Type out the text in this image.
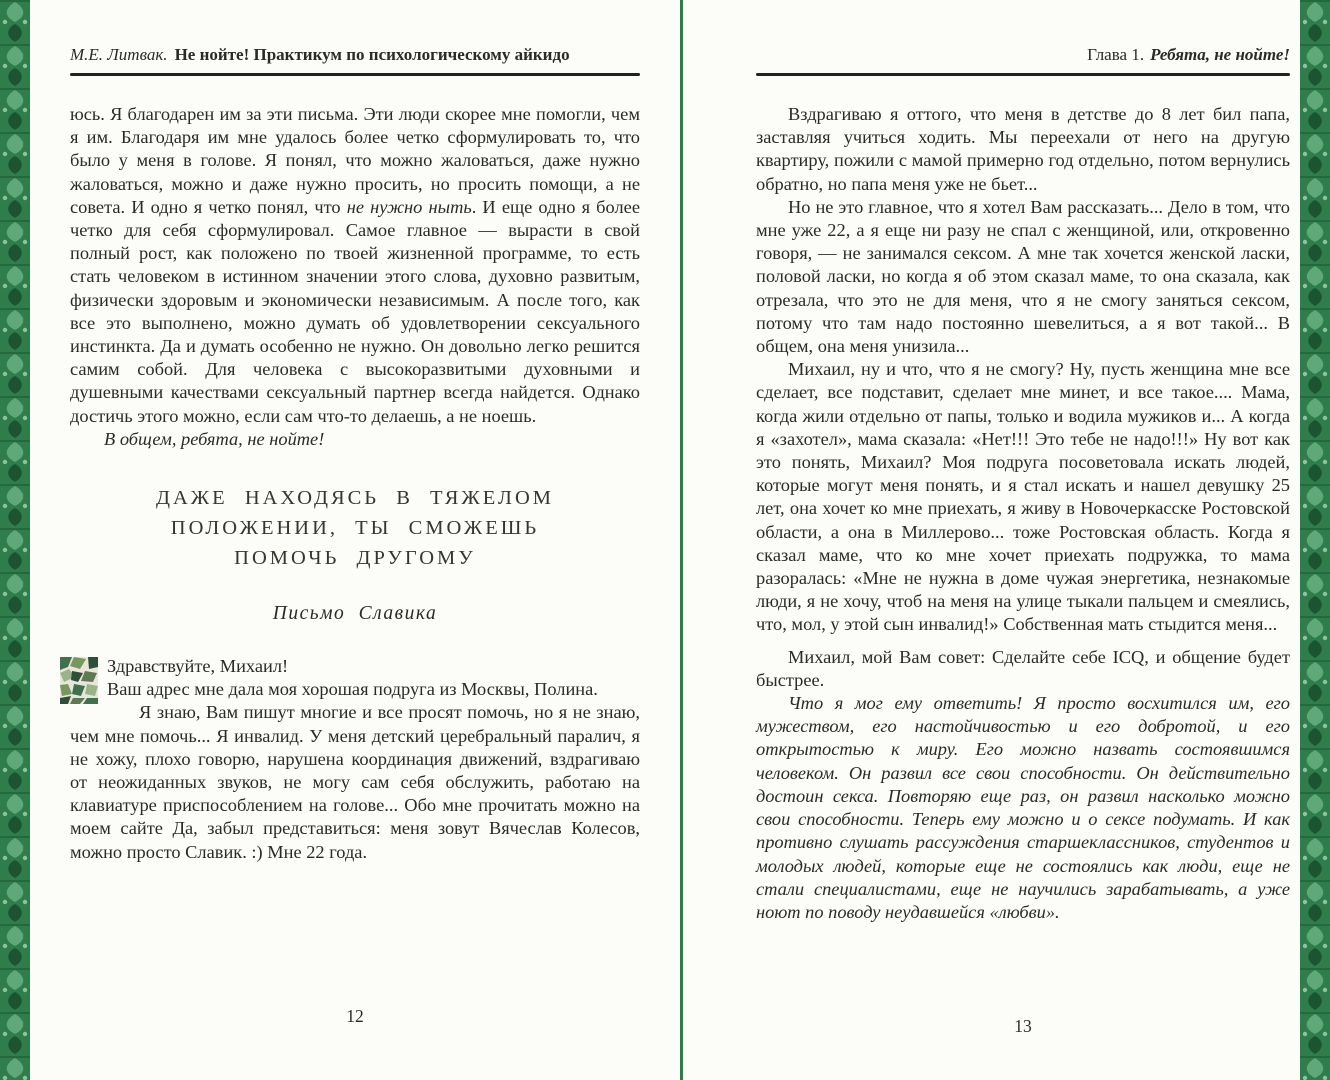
М.Е. Литвак. Не нойте! Практикум по психологическому айкидо

юсь. Я благодарен им за эти письма. Эти люди скорее мне помогли, чем я им. Благодаря им мне удалось более четко сформулировать то, что было у меня в голове. Я понял, что можно жаловаться, даже нужно жаловаться, можно и даже нужно просить, но просить помощи, а не совета. И одно я четко понял, что не нужно ныть. И еще одно я более четко для себя сформулировал. Самое главное — вырасти в свой полный рост, как положено по твоей жизненной программе, то есть стать человеком в истинном значении этого слова, духовно развитым, физически здоровым и экономически независимым. А после того, как все это выполнено, можно думать об удовлетворении сексуального инстинкта. Да и думать особенно не нужно. Он довольно легко решится самим собой. Для человека с высокоразвитыми духовными и душевными качествами сексуальный партнер всегда найдется. Однако достичь этого можно, если сам что-то делаешь, а не ноешь.

В общем, ребята, не нойте!

ДАЖЕ НАХОДЯСЬ В ТЯЖЕЛОМ
ПОЛОЖЕНИИ, ТЫ СМОЖЕШЬ
ПОМОЧЬ ДРУГОМУ
Письмо Славика

Здравствуйте, Михаил!

Ваш адрес мне дала моя хорошая подруга из Москвы, Полина.

Я знаю, Вам пишут многие и все просят помочь, но я не знаю, чем мне помочь... Я инвалид. У меня детский церебральный паралич, я не хожу, плохо говорю, нарушена координация движений, вздрагиваю от неожиданных звуков, не могу сам себя обслужить, работаю на клавиатуре приспособлением на голове... Обо мне прочитать можно на моем сайте Да, забыл представиться: меня зовут Вячеслав Колесов, можно просто Славик. :) Мне 22 года.

Глава 1. Ребята, не нойте!

Вздрагиваю я оттого, что меня в детстве до 8 лет бил папа, заставляя учиться ходить. Мы переехали от него на другую квартиру, пожили с мамой примерно год отдельно, потом вернулись обратно, но папа меня уже не бьет...

Но не это главное, что я хотел Вам рассказать... Дело в том, что мне уже 22, а я еще ни разу не спал с женщиной, или, откровенно говоря, — не занимался сексом. А мне так хочется женской ласки, половой ласки, но когда я об этом сказал маме, то она сказала, как отрезала, что это не для меня, что я не смогу заняться сексом, потому что там надо постоянно шевелиться, а я вот такой... В общем, она меня унизила...

Михаил, ну и что, что я не смогу? Ну, пусть женщина мне все сделает, все подставит, сделает мне минет, и все такое.... Мама, когда жили отдельно от папы, только и водила мужиков и... А когда я «захотел», мама сказала: «Нет!!! Это тебе не надо!!!» Ну вот как это понять, Михаил? Моя подруга посоветовала искать людей, которые могут меня понять, и я стал искать и нашел девушку 25 лет, она хочет ко мне приехать, я живу в Новочеркасске Ростовской области, а она в Миллерово... тоже Ростовская область. Когда я сказал маме, что ко мне хочет приехать подружка, то мама разоралась: «Мне не нужна в доме чужая энергетика, незнакомые люди, я не хочу, чтоб на меня на улице тыкали пальцем и смеялись, что, мол, у этой сын инвалид!» Собственная мать стыдится меня...

Михаил, мой Вам совет: Сделайте себе ICQ, и общение будет быстрее.

Что я мог ему ответить! Я просто восхитился им, его мужеством, его настойчивостью и его добротой, и его открытостью к миру. Его можно назвать состоявшимся человеком. Он развил все свои способности. Он действительно достоин секса. Повторяю еще раз, он развил насколько можно свои способности. Теперь ему можно и о сексе подумать. И как противно слушать рассуждения старшеклассников, студентов и молодых людей, которые еще не состоялись как люди, еще не стали специалистами, еще не научились зарабатывать, а уже ноют по поводу неудавшейся «любви».

12	13
